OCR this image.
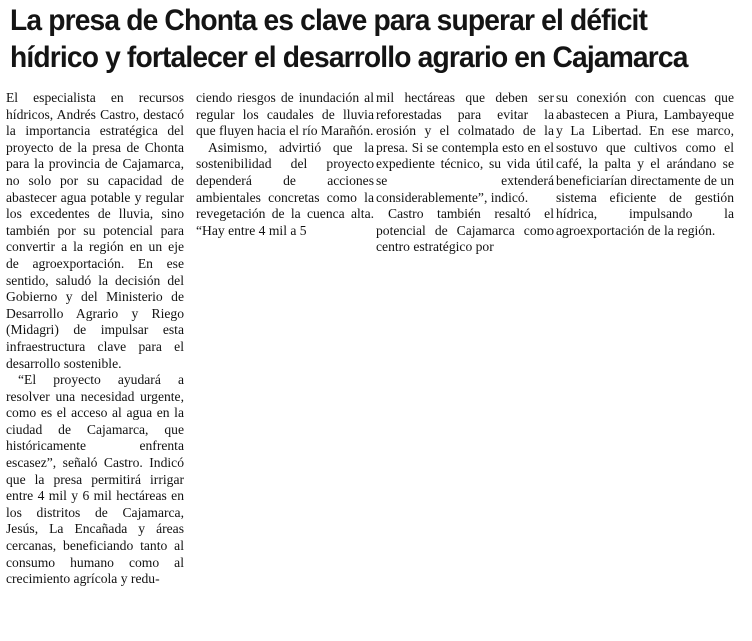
La presa de Chonta es clave para superar el déficit
hídrico y fortalecer el desarrollo agrario en Cajamarca

El especialista en recursos hídricos, Andrés Castro, destacó la importancia estratégica del proyecto de la presa de Chonta para la provincia de Cajamarca, no solo por su capacidad de abastecer agua potable y regular los excedentes de lluvia, sino también por su potencial para convertir a la región en un eje de agroexportación. En ese sentido, saludó la decisión del Gobierno y del Ministerio de Desarrollo Agrario y Riego (Midagri) de impulsar esta infraestructura clave para el desarrollo sostenible.

“El proyecto ayudará a resolver una necesidad urgente, como es el acceso al agua en la ciudad de Cajamarca, que históricamente enfrenta escasez”, señaló Castro. Indicó que la presa permitirá irrigar entre 4 mil y 6 mil hectáreas en los distritos de Cajamarca, Jesús, La Encañada y áreas cercanas, beneficiando tanto al consumo humano como al crecimiento agrícola y redu-

ciendo riesgos de inundación al regular los caudales de lluvia que fluyen hacia el río Marañón.

Asimismo, advirtió que la sostenibilidad del proyecto dependerá de acciones ambientales concretas como la revegetación de la cuenca alta. “Hay entre 4 mil a 5

mil hectáreas que deben ser reforestadas para evitar la erosión y el colmatado de la presa. Si se contempla esto en el expediente técnico, su vida útil se extenderá considerablemente”, indicó.

Castro también resaltó el potencial de Cajamarca como centro estratégico por

su conexión con cuencas que abastecen a Piura, Lambayeque y La Libertad. En ese marco, sostuvo que cultivos como el café, la palta y el arándano se beneficiarían directamente de un sistema eficiente de gestión hídrica, impulsando la agroexportación de la región.
